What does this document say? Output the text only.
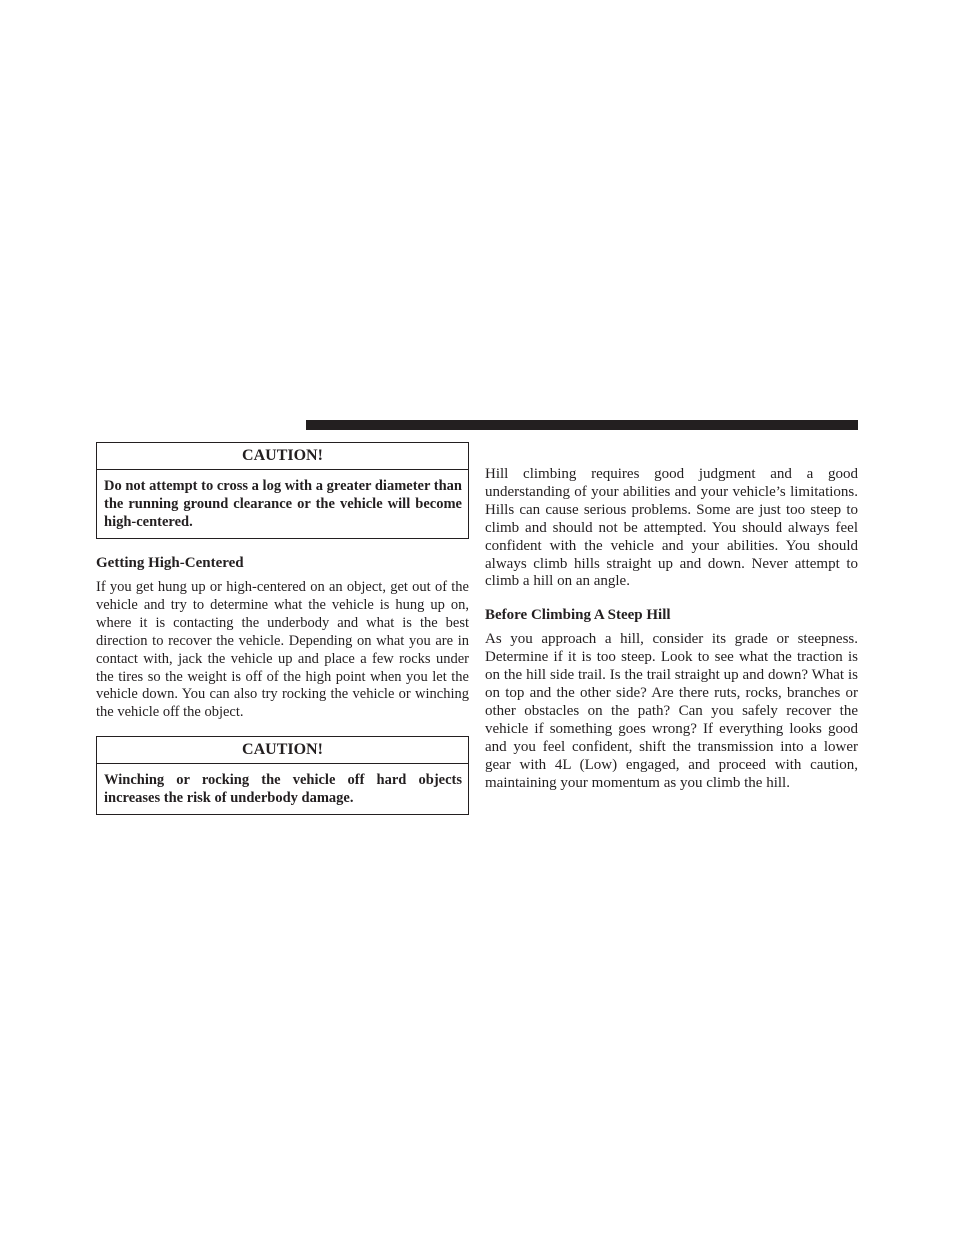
CAUTION!
Do not attempt to cross a log with a greater diameter than the running ground clearance or the vehicle will become high-centered.
Getting High-Centered
If you get hung up or high-centered on an object, get out of the vehicle and try to determine what the vehicle is hung up on, where it is contacting the underbody and what is the best direction to recover the vehicle. Depending on what you are in contact with, jack the vehicle up and place a few rocks under the tires so the weight is off of the high point when you let the vehicle down. You can also try rocking the vehicle or winching the vehicle off the object.
CAUTION!
Winching or rocking the vehicle off hard objects increases the risk of underbody damage.
Hill climbing requires good judgment and a good understanding of your abilities and your vehicle’s limitations. Hills can cause serious problems. Some are just too steep to climb and should not be attempted. You should always feel confident with the vehicle and your abilities. You should always climb hills straight up and down. Never attempt to climb a hill on an angle.
Before Climbing A Steep Hill
As you approach a hill, consider its grade or steepness. Determine if it is too steep. Look to see what the traction is on the hill side trail. Is the trail straight up and down? What is on top and the other side? Are there ruts, rocks, branches or other obstacles on the path? Can you safely recover the vehicle if something goes wrong? If everything looks good and you feel confident, shift the transmission into a lower gear with 4L (Low) engaged, and proceed with caution, maintaining your momentum as you climb the hill.
